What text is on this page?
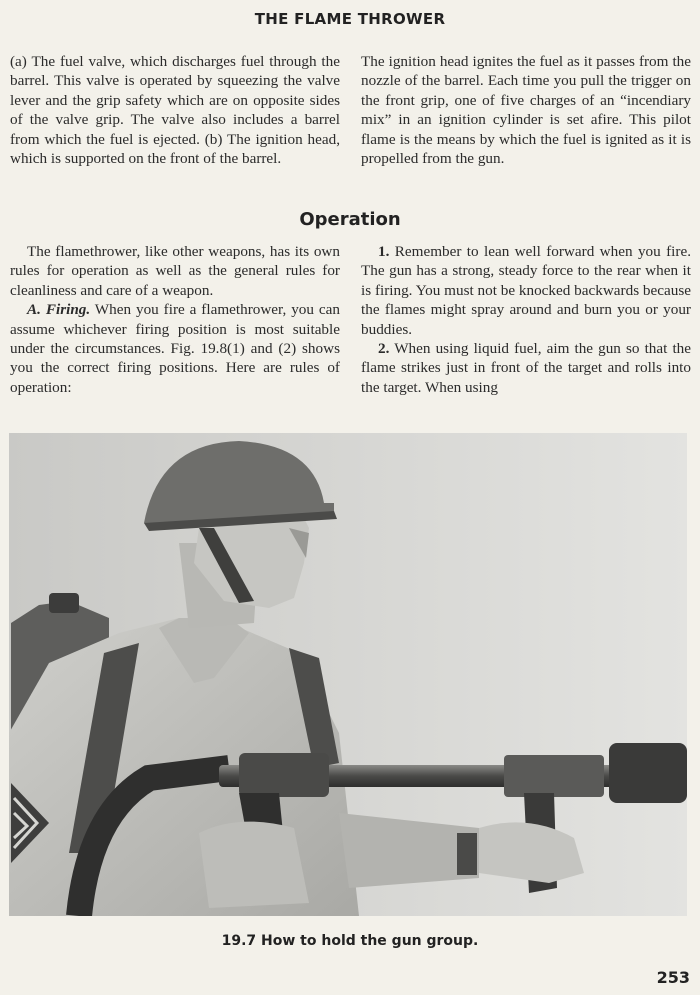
THE FLAME THROWER

(a) The fuel valve, which discharges fuel through the barrel. This valve is operated by squeezing the valve lever and the grip safety which are on opposite sides of the valve grip. The valve also includes a barrel from which the fuel is ejected. (b) The ignition head, which is supported on the front of the barrel.

The ignition head ignites the fuel as it passes from the nozzle of the barrel. Each time you pull the trigger on the front grip, one of five charges of an “incendiary mix” in an ignition cylinder is set afire. This pilot flame is the means by which the fuel is ignited as it is propelled from the gun.

Operation

The flamethrower, like other weapons, has its own rules for operation as well as the general rules for cleanliness and care of a weapon.

A. Firing. When you fire a flamethrower, you can assume whichever firing position is most suitable under the circumstances. Fig. 19.8(1) and (2) shows you the correct firing positions. Here are rules of operation:

1. Remember to lean well forward when you fire. The gun has a strong, steady force to the rear when it is firing. You must not be knocked backwards because the flames might spray around and burn you or your buddies.

2. When using liquid fuel, aim the gun so that the flame strikes just in front of the target and rolls into the target. When using

19.7 How to hold the gun group.
253
